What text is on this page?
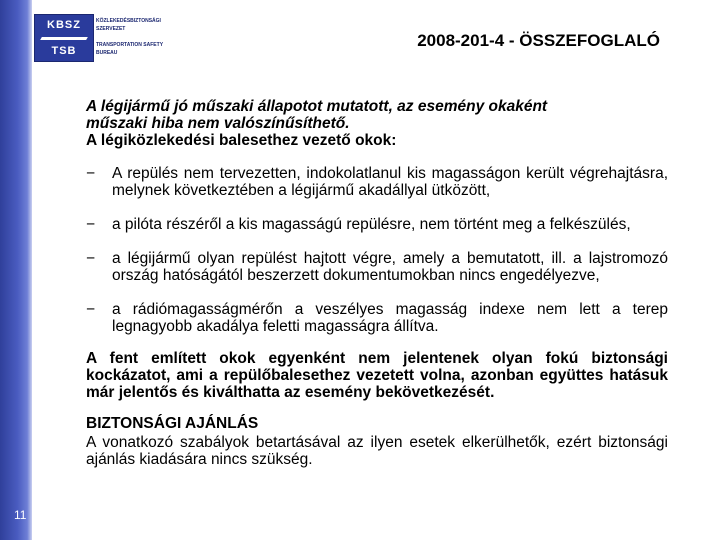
11
KBSZ
TSB
KÖZLEKEDÉSBIZTONSÁGI
SZERVEZET
TRANSPORTATION SAFETY
BUREAU
2008-201-4 - ÖSSZEFOGLALÓ
A légijármű jó műszaki állapotot mutatott, az esemény okaként
műszaki hiba nem valószínűsíthető.
A légiközlekedési balesethez vezető okok:
− A repülés nem tervezetten, indokolatlanul kis magasságon került végrehajtásra, melynek következtében a légijármű akadállyal ütközött,
− a pilóta részéről a kis magasságú repülésre, nem történt meg a felkészülés,
− a légijármű olyan repülést hajtott végre, amely a bemutatott, ill. a lajstromozó ország hatóságától beszerzett dokumentumokban nincs engedélyezve,
− a rádiómagasságmérőn a veszélyes magasság indexe nem lett a terep legnagyobb akadálya feletti magasságra állítva.
A fent említett okok egyenként nem jelentenek olyan fokú biztonsági kockázatot, ami a repülőbalesethez vezetett volna, azonban együttes hatásuk már jelentős és kiválthatta az esemény bekövetkezését.
BIZTONSÁGI AJÁNLÁS
A vonatkozó szabályok betartásával az ilyen esetek elkerülhetők, ezért biztonsági ajánlás kiadására nincs szükség.
